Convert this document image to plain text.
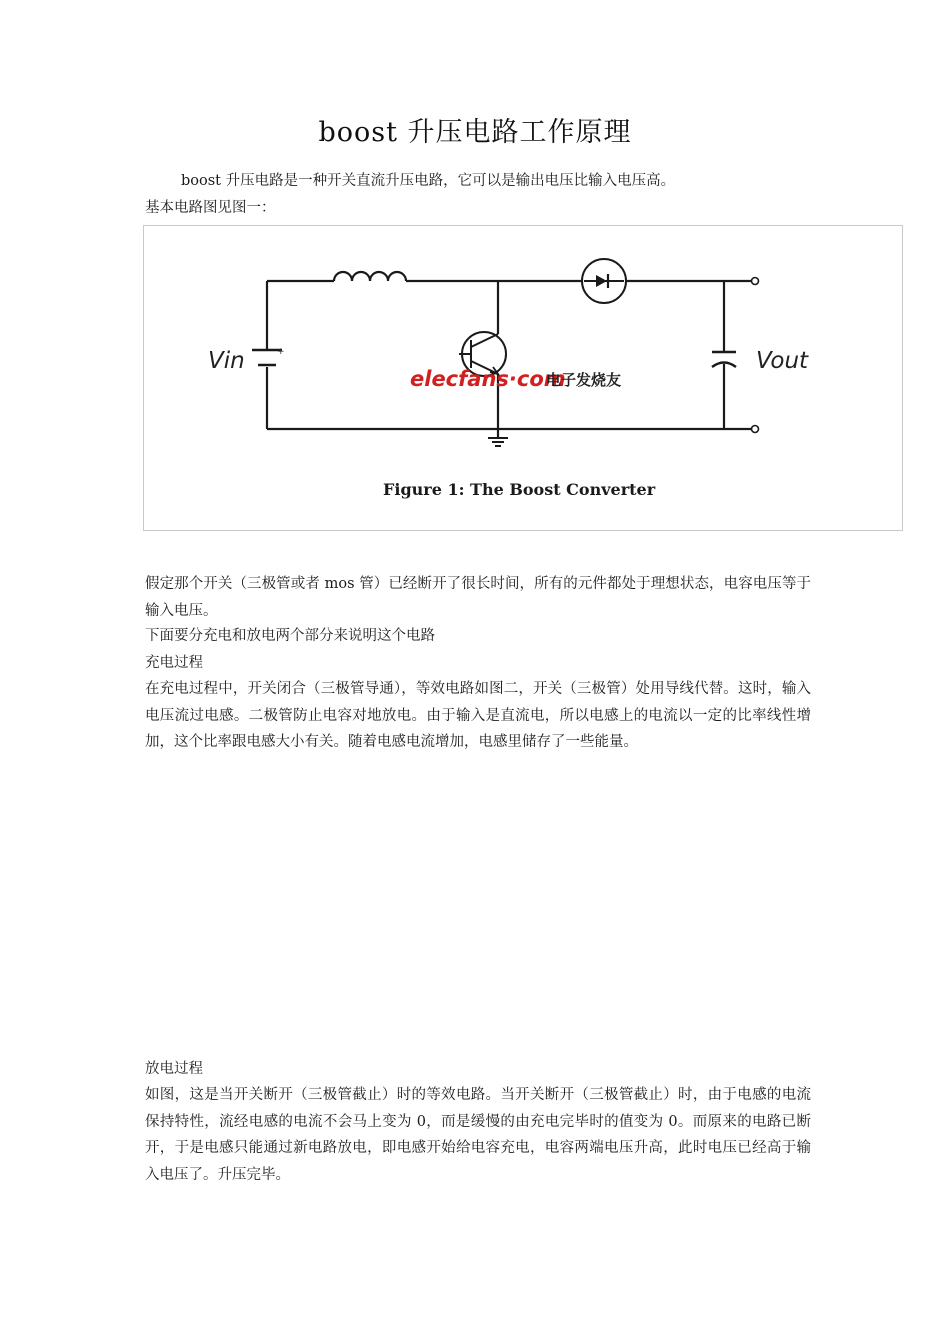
boost 升压电路工作原理
boost 升压电路是一种开关直流升压电路，它可以是输出电压比输入电压高。
基本电路图见图一：
+
Vin	Vout
elecfans·com
电子发烧友
Figure 1: The Boost Converter
假定那个开关（三极管或者 mos 管）已经断开了很长时间，所有的元件都处于理想状态，电容电压等于输入电压。
下面要分充电和放电两个部分来说明这个电路
充电过程
在充电过程中，开关闭合（三极管导通），等效电路如图二，开关（三极管）处用导线代替。这时，输入电压流过电感。二极管防止电容对地放电。由于输入是直流电，所以电感上的电流以一定的比率线性增加，这个比率跟电感大小有关。随着电感电流增加，电感里储存了一些能量。
放电过程
如图，这是当开关断开（三极管截止）时的等效电路。当开关断开（三极管截止）时，由于电感的电流保持特性，流经电感的电流不会马上变为 0，而是缓慢的由充电完毕时的值变为 0。而原来的电路已断开，于是电感只能通过新电路放电，即电感开始给电容充电，电容两端电压升高，此时电压已经高于输入电压了。升压完毕。
